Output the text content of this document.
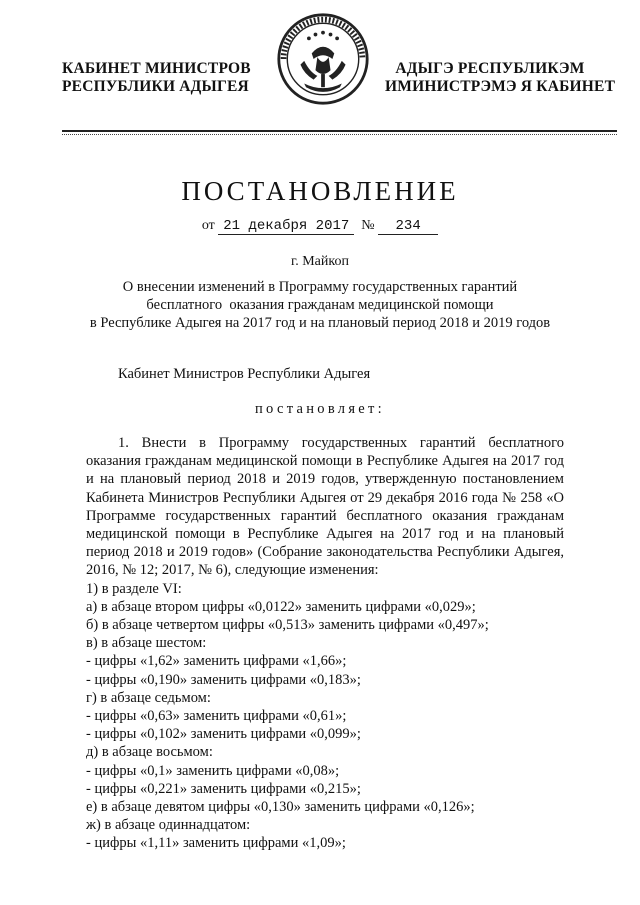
КАБИНЕТ МИНИСТРОВ
РЕСПУБЛИКИ АДЫГЕЯ
АДЫГЭ РЕСПУБЛИКЭМ
ИМИНИСТРЭМЭ Я КАБИНЕТ
ПОСТАНОВЛЕНИЕ
от 21 декабря 2017 № 234
г. Майкоп
О внесении изменений в Программу государственных гарантий
бесплатного  оказания гражданам медицинской помощи
в Республике Адыгея на 2017 год и на плановый период 2018 и 2019 годов
Кабинет Министров Республики Адыгея
постановляет:

1. Внести в Программу государственных гарантий бесплатного оказания гражданам медицинской помощи в Республике Адыгея на 2017 год и на плановый период 2018 и 2019 годов, утвержденную постановлением Кабинета Министров Республики Адыгея от 29 декабря 2016 года № 258 «О Программе государственных гарантий бесплатного оказания гражданам медицинской помощи в Республике Адыгея на 2017 год и на плановый период 2018 и 2019 годов» (Собрание законодательства Республики Адыгея, 2016, № 12; 2017, № 6), следующие изменения:

1) в разделе VI:

а) в абзаце втором цифры «0,0122» заменить цифрами «0,029»;

б) в абзаце четвертом цифры «0,513» заменить цифрами «0,497»;

в) в абзаце шестом:

- цифры «1,62» заменить цифрами «1,66»;

- цифры «0,190» заменить цифрами «0,183»;

г) в абзаце седьмом:

- цифры «0,63» заменить цифрами «0,61»;

- цифры «0,102» заменить цифрами «0,099»;

д) в абзаце восьмом:

- цифры «0,1» заменить цифрами «0,08»;

- цифры «0,221» заменить цифрами «0,215»;

е) в абзаце девятом цифры «0,130» заменить цифрами «0,126»;

ж) в абзаце одиннадцатом:

- цифры «1,11» заменить цифрами «1,09»;
